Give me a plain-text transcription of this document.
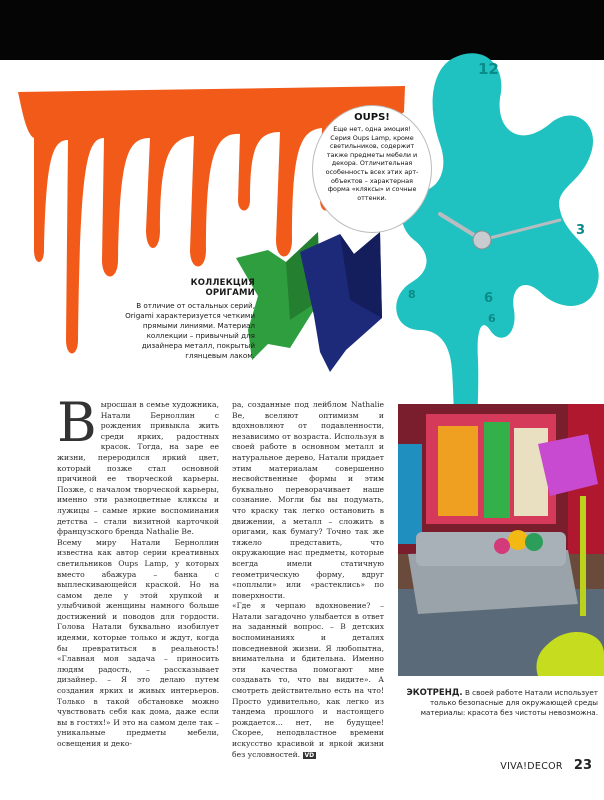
12
3
6
6
8
OUPS!
Еще нет, одна эмоция! Серия Oups Lamp, кроме светильников, содержит также предметы мебели и декора. Отличительная особенность всех этих арт-объектов – характерная форма «кляксы» и сочные оттенки.
КОЛЛЕКЦИЯ
ОРИГАМИ
В отличие от остальных серий, Origami характеризуется четкими прямыми линиями. Материал коллекции – привычный для дизайнера металл, покрытый глянцевым лаком.
В ыросшая в семье художника, Натали Берноллин с рождения привыкла жить среди ярких, радостных красок. Тогда, на заре ее жизни, переродился яркий цвет, который позже стал основной причиной ее творческой карьеры. Позже, с началом творческой карьеры, именно эти разноцветные кляксы и лужицы – самые яркие воспоминания детства – стали визитной карточкой французского бренда Nathalie Be.
Всему миру Натали Берноллин известна как автор серии креативных светильников Oups Lamp, у которых вместо абажура – банка с выплескивающейся краской. Но на самом деле у этой хрупкой и улыбчивой женщины намного больше достижений и поводов для гордости. Голова Натали буквально изобилует идеями, которые только и ждут, когда бы превратиться в реальность! «Главная моя задача – приносить людям радость, – рассказывает дизайнер. – Я это делаю путем создания ярких и живых интерьеров. Только в такой обстановке можно чувствовать себя как дома, даже если вы в гостях!» И это на самом деле так – уникальные предметы мебели, освещения и деко-
ра, созданные под лейблом Nathalie Be, вселяют оптимизм и вдохновляют от подавленности, независимо от возраста. Используя в своей работе в основном металл и натуральное дерево, Натали придает этим материалам совершенно несвойственные формы и этим буквально переворачивает наше сознание. Могли бы вы подумать, что краску так легко остановить в движении, а металл – сложить в оригами, как бумагу? Точно так же тяжело представить, что окружающие нас предметы, которые всегда имели статичную геометрическую форму, вдруг «поплыли» или «растеклись» по поверхности.
«Где я черпаю вдохновение? – Натали загадочно улыбается в ответ на заданный вопрос. – В детских воспоминаниях и деталях повседневной жизни. Я любопытна, внимательна и бдительна. Именно эти качества помогают мне создавать то, что вы видите». А смотреть действительно есть на что! Просто удивительно, как легко из тандема прошлого и настоящего рождается… нет, не будущее! Скорее, неподвластное времени искусство красивой и яркой жизни без условностей. VD
ЭКОТРЕНД. В своей работе Натали использует только безопасные для окружающей среды материалы: красота без чистоты невозможна.
VIVA!DECOR 23
